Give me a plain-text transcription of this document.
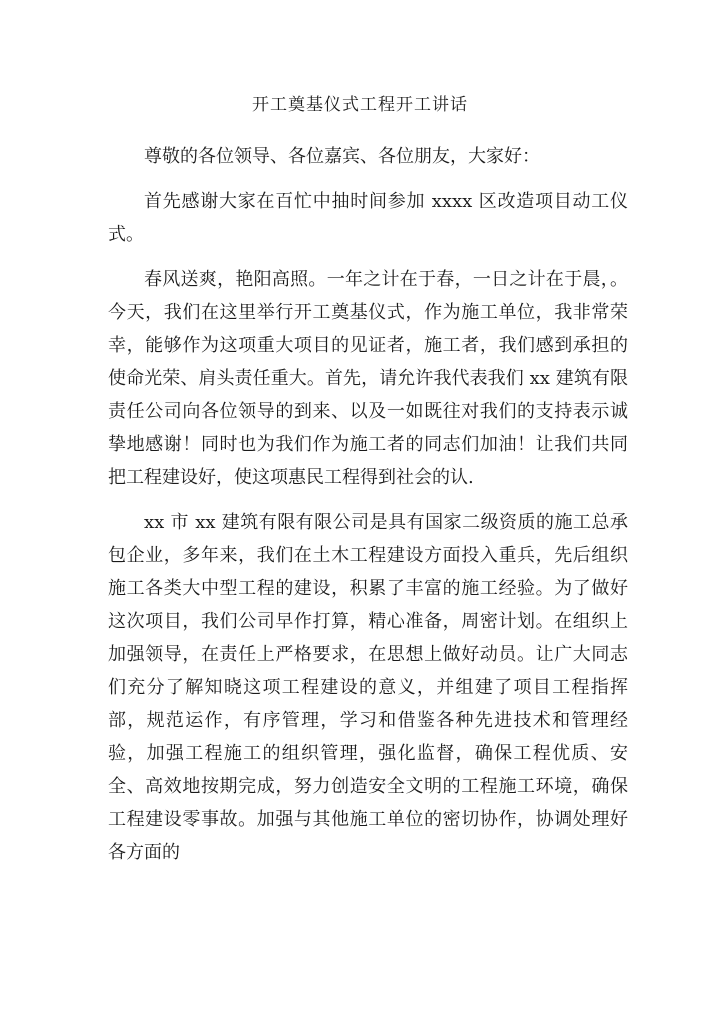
开工奠基仪式工程开工讲话

尊敬的各位领导、各位嘉宾、各位朋友，大家好：

首先感谢大家在百忙中抽时间参加 xxxx 区改造项目动工仪式。

春风送爽，艳阳高照。一年之计在于春，一日之计在于晨，。今天，我们在这里举行开工奠基仪式，作为施工单位，我非常荣幸，能够作为这项重大项目的见证者，施工者，我们感到承担的使命光荣、肩头责任重大。首先，请允许我代表我们 xx 建筑有限责任公司向各位领导的到来、以及一如既往对我们的支持表示诚挚地感谢！同时也为我们作为施工者的同志们加油！让我们共同把工程建设好，使这项惠民工程得到社会的认.

xx 市 xx 建筑有限有限公司是具有国家二级资质的施工总承包企业，多年来，我们在土木工程建设方面投入重兵，先后组织施工各类大中型工程的建设，积累了丰富的施工经验。为了做好这次项目，我们公司早作打算，精心准备，周密计划。在组织上加强领导，在责任上严格要求，在思想上做好动员。让广大同志们充分了解知晓这项工程建设的意义，并组建了项目工程指挥部，规范运作，有序管理，学习和借鉴各种先进技术和管理经验，加强工程施工的组织管理，强化监督，确保工程优质、安全、高效地按期完成，努力创造安全文明的工程施工环境，确保工程建设零事故。加强与其他施工单位的密切协作，协调处理好各方面的
